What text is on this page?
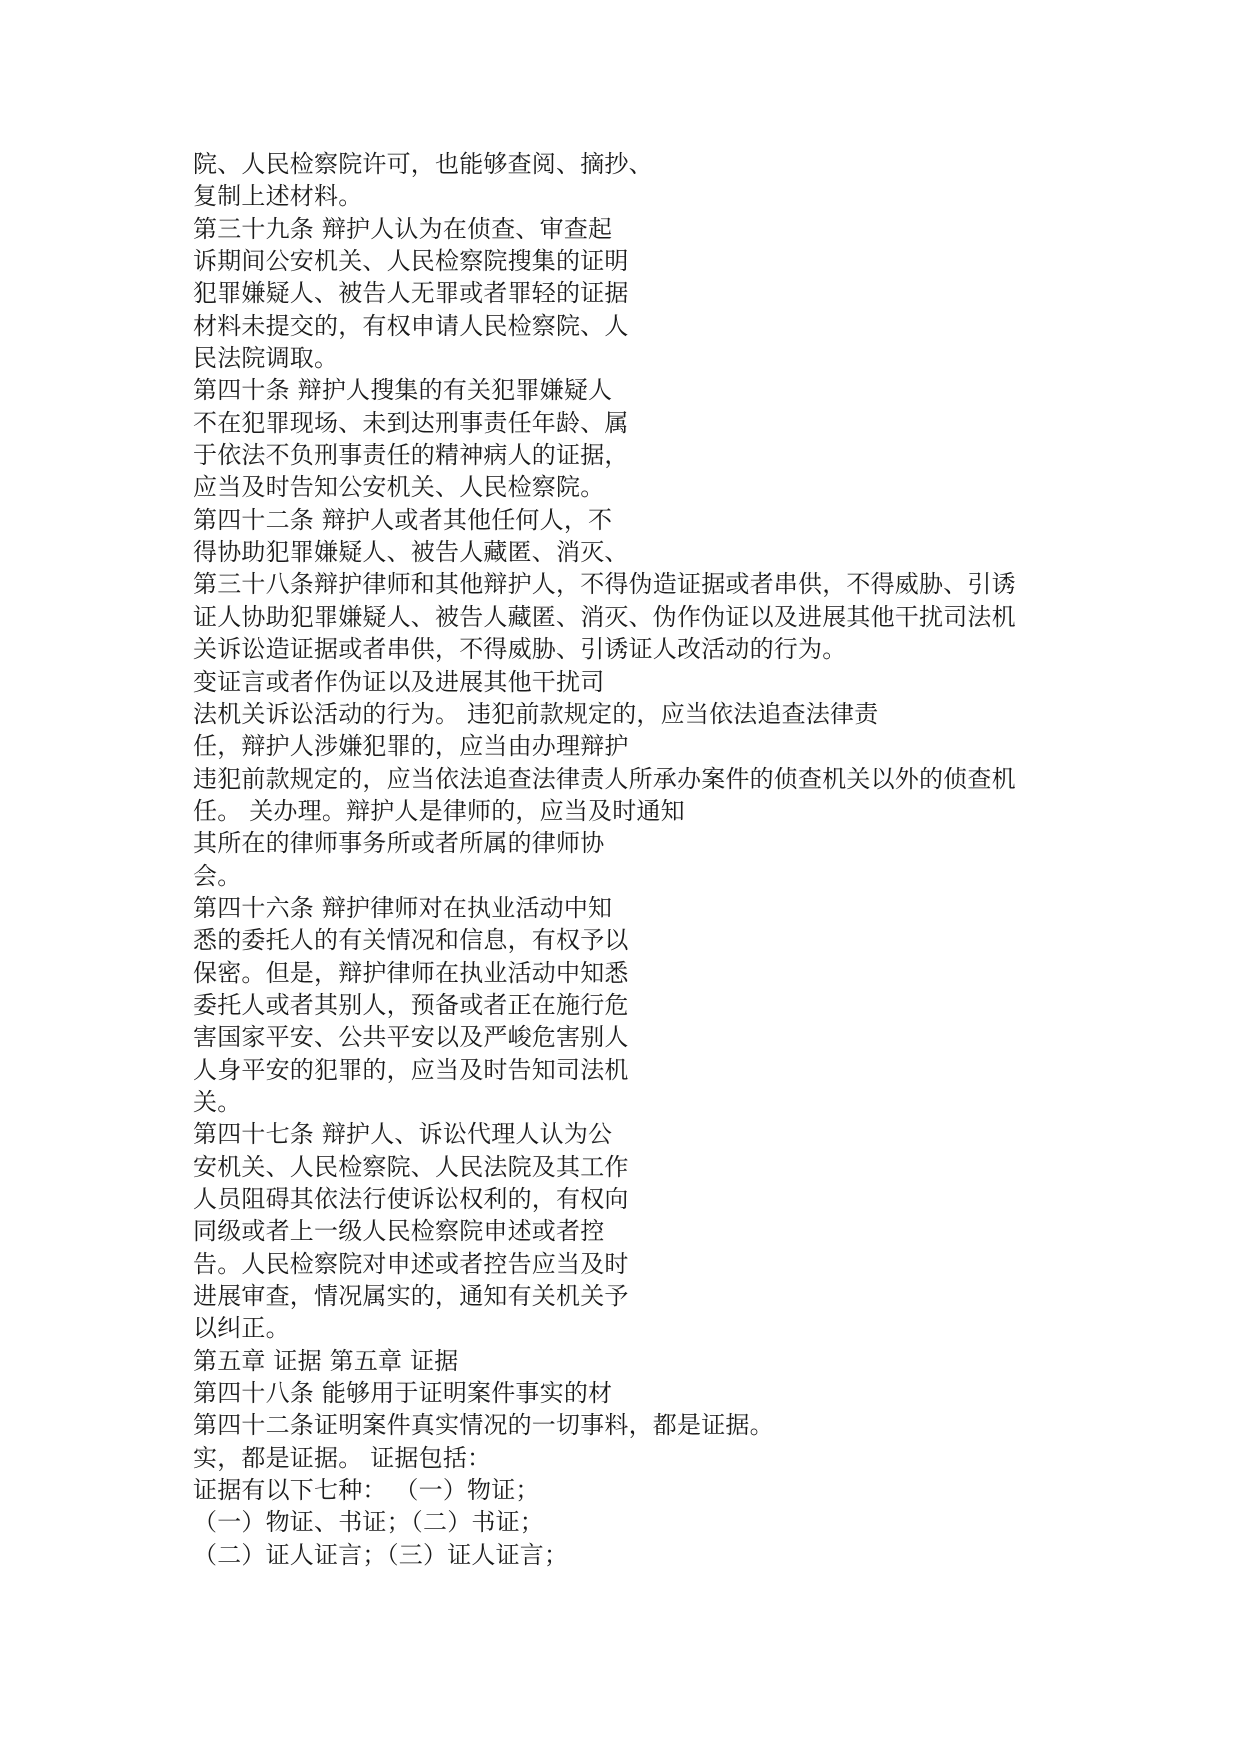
院、人民检察院许可，也能够查阅、摘抄、
复制上述材料。
第三十九条 辩护人认为在侦查、审查起
诉期间公安机关、人民检察院搜集的证明
犯罪嫌疑人、被告人无罪或者罪轻的证据
材料未提交的，有权申请人民检察院、人
民法院调取。
第四十条 辩护人搜集的有关犯罪嫌疑人
不在犯罪现场、未到达刑事责任年龄、属
于依法不负刑事责任的精神病人的证据，
应当及时告知公安机关、人民检察院。
第四十二条 辩护人或者其他任何人，不
得协助犯罪嫌疑人、被告人藏匿、消灭、
第三十八条辩护律师和其他辩护人，不得伪造证据或者串供，不得威胁、引诱
证人协助犯罪嫌疑人、被告人藏匿、消灭、伪作伪证以及进展其他干扰司法机
关诉讼造证据或者串供，不得威胁、引诱证人改活动的行为。
变证言或者作伪证以及进展其他干扰司
法机关诉讼活动的行为。 违犯前款规定的，应当依法追查法律责
任，辩护人涉嫌犯罪的，应当由办理辩护
违犯前款规定的，应当依法追查法律责人所承办案件的侦查机关以外的侦查机
任。 关办理。辩护人是律师的，应当及时通知
其所在的律师事务所或者所属的律师协
会。
第四十六条 辩护律师对在执业活动中知
悉的委托人的有关情况和信息，有权予以
保密。但是，辩护律师在执业活动中知悉
委托人或者其别人，预备或者正在施行危
害国家平安、公共平安以及严峻危害别人
人身平安的犯罪的，应当及时告知司法机
关。
第四十七条 辩护人、诉讼代理人认为公
安机关、人民检察院、人民法院及其工作
人员阻碍其依法行使诉讼权利的，有权向
同级或者上一级人民检察院申述或者控
告。人民检察院对申述或者控告应当及时
进展审查，情况属实的，通知有关机关予
以纠正。
第五章 证据 第五章 证据
第四十八条 能够用于证明案件事实的材
第四十二条证明案件真实情况的一切事料，都是证据。
实，都是证据。 证据包括：
证据有以下七种： （一）物证；
（一）物证、书证；（二）书证；
（二）证人证言；（三）证人证言；
